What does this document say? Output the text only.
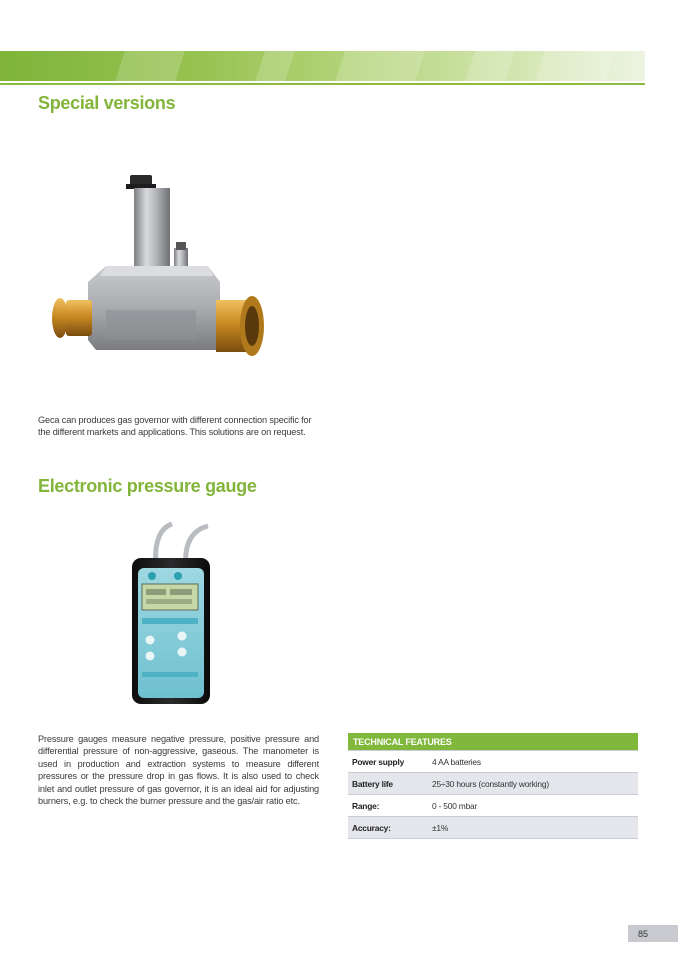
Special versions

Geca can produces gas governor with different connection specific for the different markets and applications. This solutions are on request.

Electronic pressure gauge

Pressure gauges measure negative pressure, positive pressure and differential pressure of non-aggressive, gaseous. The manometer is used in production and extraction systems to measure different pressures or the pressure drop in gas flows. It is also used to check inlet and outlet pressure of gas governor, it is an ideal aid for adjusting burners, e.g. to check the burner pressure and the gas/air ratio etc.

TECHNICAL FEATURES
Power supply	4 AA batteries
Battery life	25÷30 hours (constantly working)
Range:	0 - 500 mbar
Accuracy:	±1%
85
